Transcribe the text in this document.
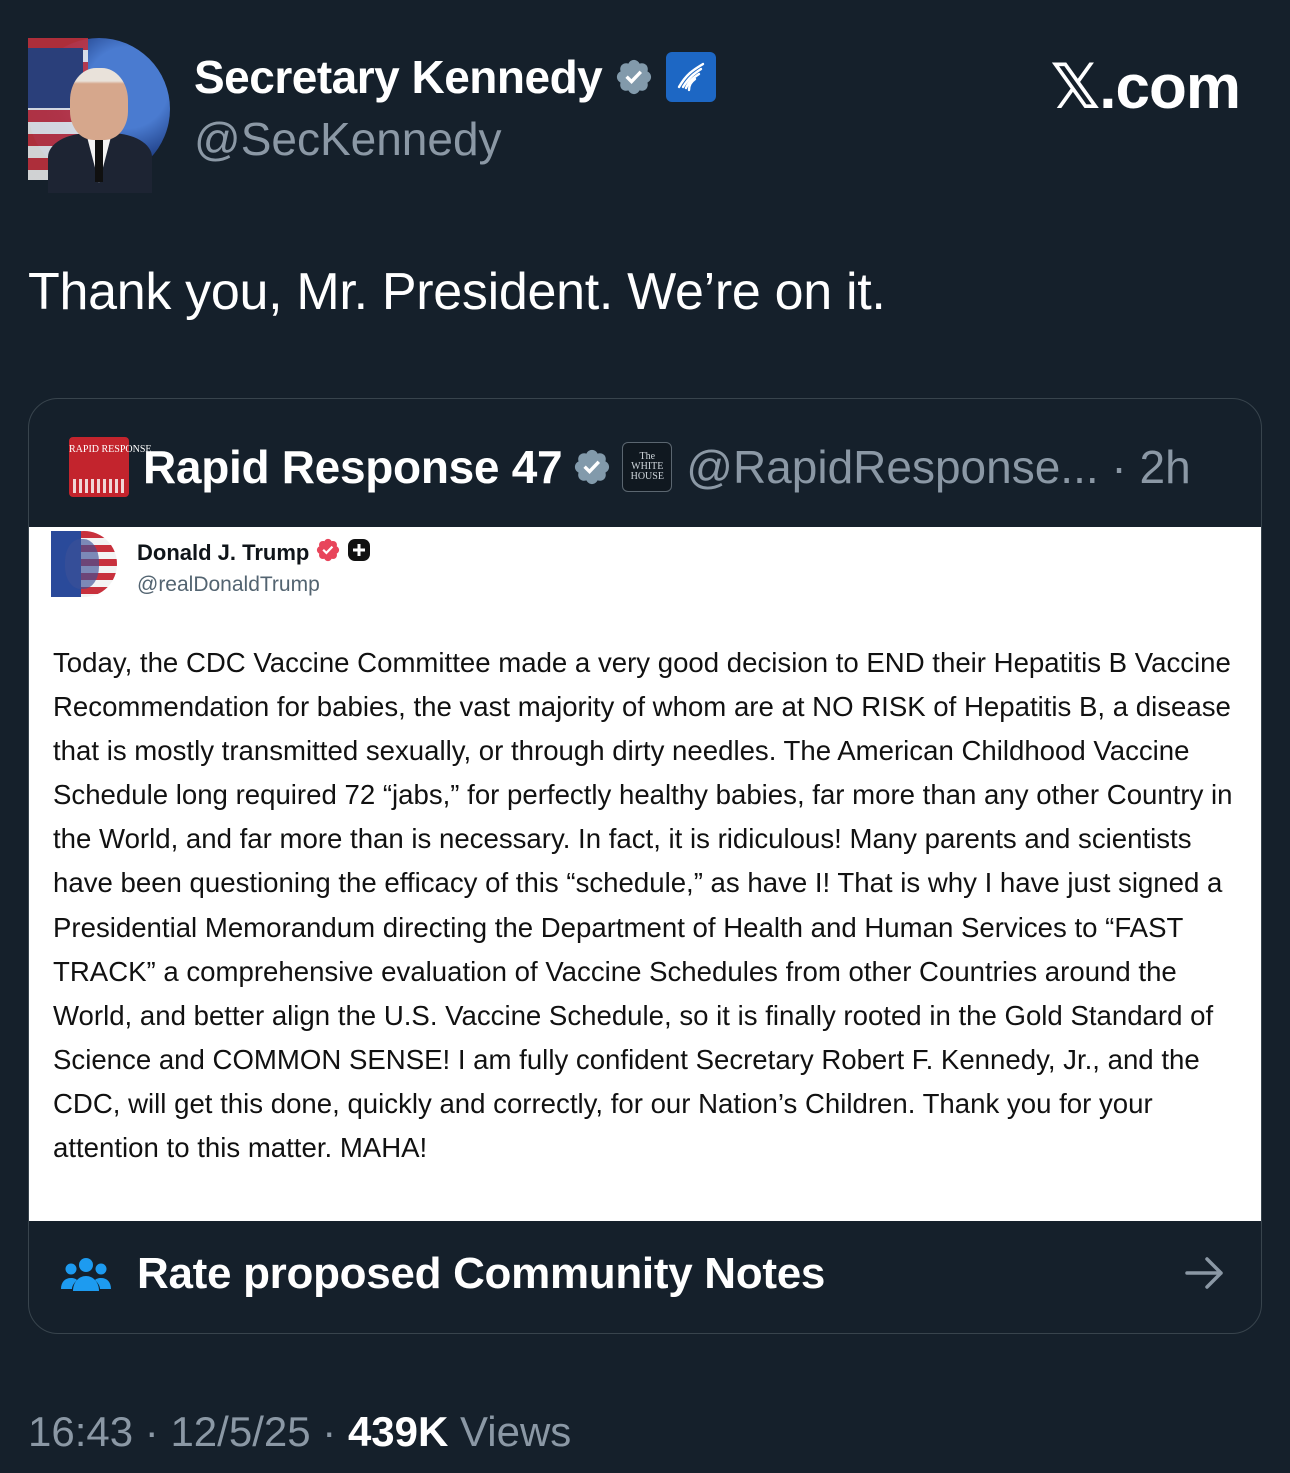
Secretary Kennedy
@SecKennedy
𝕏.com
Thank you, Mr. President. We’re on it.
RAPID RESPONSE
Rapid Response 47	The
WHITE
HOUSE @RapidResponse... · 2h
Donald J. Trump
@realDonaldTrump
Today, the CDC Vaccine Committee made a very good decision to END their Hepatitis B Vaccine Recommendation for babies, the vast majority of whom are at NO RISK of Hepatitis B, a disease that is mostly transmitted sexually, or through dirty needles. The American Childhood Vaccine Schedule long required 72 “jabs,” for perfectly healthy babies, far more than any other Country in the World, and far more than is necessary. In fact, it is ridiculous! Many parents and scientists have been questioning the efficacy of this “schedule,” as have I! That is why I have just signed a Presidential Memorandum directing the Department of Health and Human Services to “FAST TRACK” a comprehensive evaluation of Vaccine Schedules from other Countries around the World, and better align the U.S. Vaccine Schedule, so it is finally rooted in the Gold Standard of Science and COMMON SENSE! I am fully confident Secretary Robert F. Kennedy, Jr., and the CDC, will get this done, quickly and correctly, for our Nation’s Children. Thank you for your attention to this matter. MAHA!
Rate proposed Community Notes
16:43 · 12/5/25 · 439K Views
